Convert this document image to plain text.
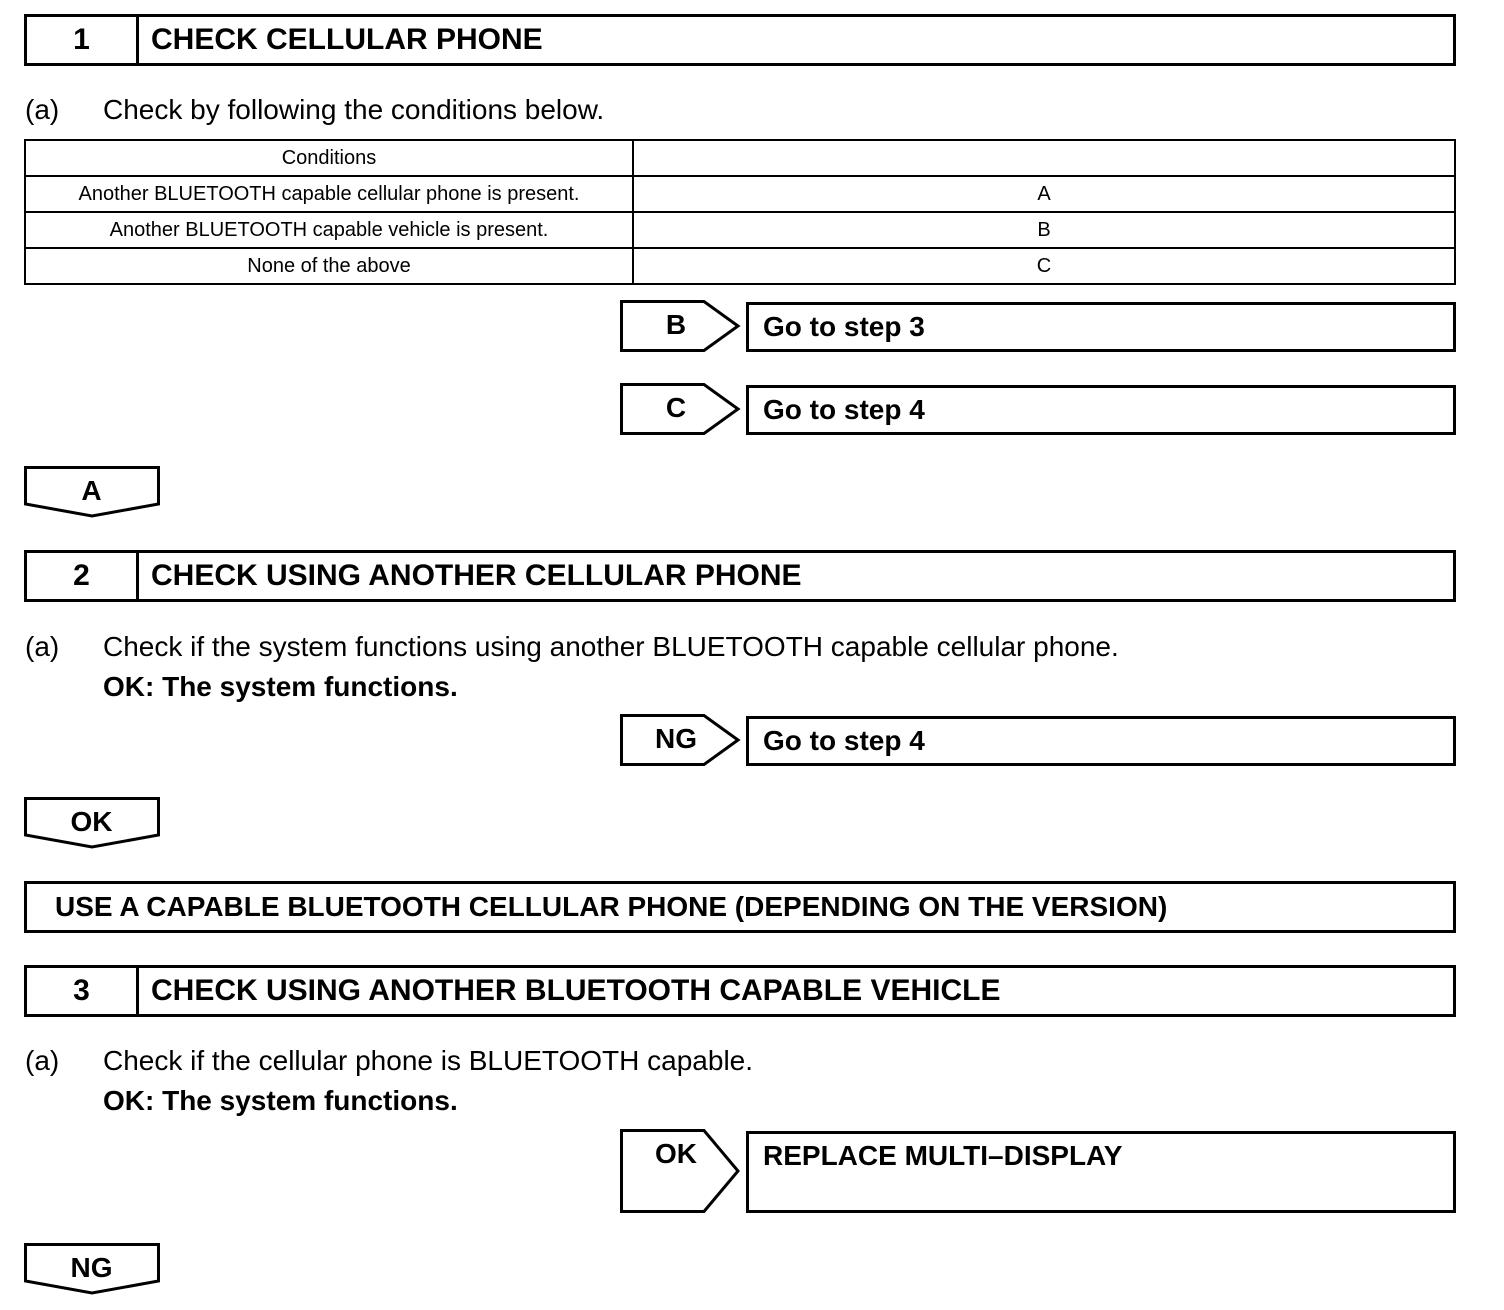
1	CHECK CELLULAR PHONE
(a) Check by following the conditions below.
Conditions	
Another BLUETOOTH capable cellular phone is present.	A
Another BLUETOOTH capable vehicle is present.	B
None of the above	C
B	Go to step 3
C	Go to step 4
A
2	CHECK USING ANOTHER CELLULAR PHONE
(a) Check if the system functions using another BLUETOOTH capable cellular phone.
OK: The system functions.
NG	Go to step 4
OK
USE A CAPABLE BLUETOOTH CELLULAR PHONE (DEPENDING ON THE VERSION)
3	CHECK USING ANOTHER BLUETOOTH CAPABLE VEHICLE
(a) Check if the cellular phone is BLUETOOTH capable.
OK: The system functions.
OK	REPLACE MULTI–DISPLAY
NG
